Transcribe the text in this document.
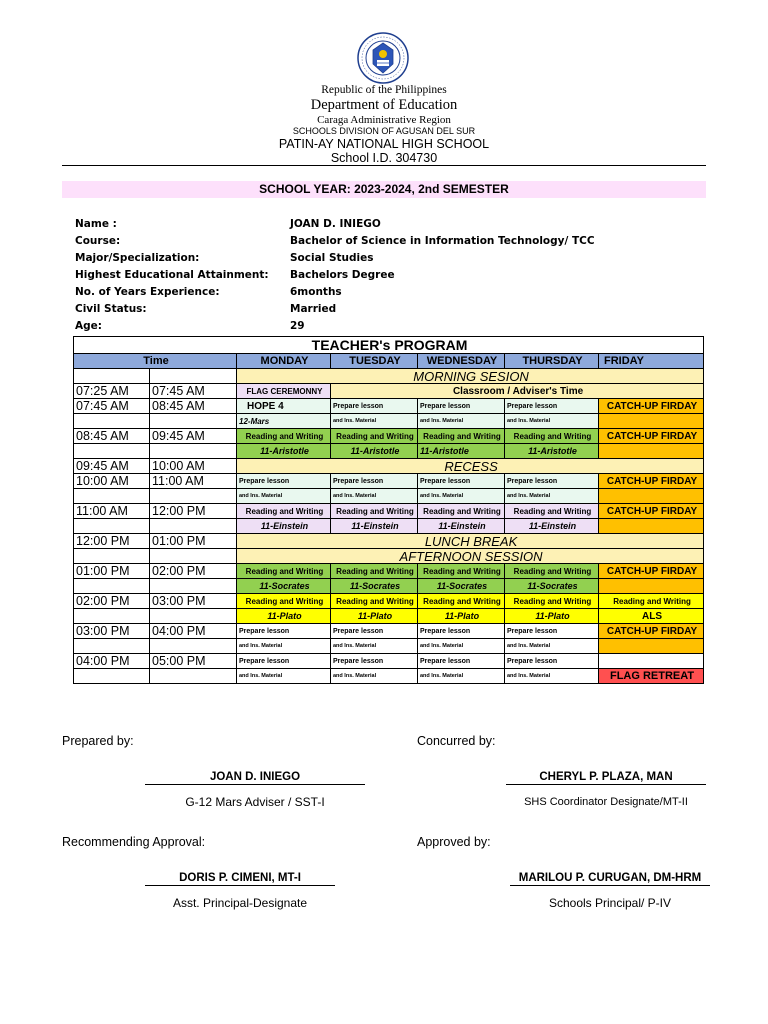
Republic of the Philippines
Department of Education
Caraga Administrative Region
SCHOOLS DIVISION OF AGUSAN DEL SUR
PATIN-AY NATIONAL HIGH SCHOOL
School I.D. 304730
SCHOOL YEAR: 2023-2024, 2nd SEMESTER
Name :	JOAN D. INIEGO
Course:	Bachelor of Science in Information Technology/ TCC
Major/Specialization:	Social Studies
Highest Educational Attainment: Bachelors Degree
No. of Years Experience:	6months
Civil Status:	Married
Age:	29
TEACHER's PROGRAM						
Time		MONDAY	TUESDAY	WEDNESDAY	THURSDAY	FRIDAY
		MORNING SESION				
07:25 AM	07:45 AM	FLAG CEREMONNY	Classroom / Adviser's Time			
07:45 AM	08:45 AM	HOPE 4	Prepare lesson	Prepare lesson	Prepare lesson	CATCH-UP FIRDAY
		12-Mars	and Ins. Material	and Ins. Material	and Ins. Material	
08:45 AM	09:45 AM	Reading and Writing	Reading and Writing	Reading and Writing	Reading and Writing	CATCH-UP FIRDAY
		11-Aristotle	11-Aristotle	11-Aristotle	11-Aristotle	
09:45 AM	10:00 AM	RECESS				
10:00 AM	11:00 AM	Prepare lesson	Prepare lesson	Prepare lesson	Prepare lesson	CATCH-UP FIRDAY
		and Ins. Material	and Ins. Material	and Ins. Material	and Ins. Material	
11:00 AM	12:00 PM	Reading and Writing	Reading and Writing	Reading and Writing	Reading and Writing	CATCH-UP FIRDAY
		11-Einstein	11-Einstein	11-Einstein	11-Einstein	
12:00 PM	01:00 PM	LUNCH BREAK				
		AFTERNOON SESSION				
01:00 PM	02:00 PM	Reading and Writing	Reading and Writing	Reading and Writing	Reading and Writing	CATCH-UP FIRDAY
		11-Socrates	11-Socrates	11-Socrates	11-Socrates	
02:00 PM	03:00 PM	Reading and Writing	Reading and Writing	Reading and Writing	Reading and Writing	Reading and Writing
		11-Plato	11-Plato	11-Plato	11-Plato	ALS
03:00 PM	04:00 PM	Prepare lesson	Prepare lesson	Prepare lesson	Prepare lesson	CATCH-UP FIRDAY
		and Ins. Material	and Ins. Material	and Ins. Material	and Ins. Material	
04:00 PM	05:00 PM	Prepare lesson	Prepare lesson	Prepare lesson	Prepare lesson	
		and Ins. Material	and Ins. Material	and Ins. Material	and Ins. Material	FLAG RETREAT
Prepared by:	Concurred by:
JOAN D. INIEGO	CHERYL P. PLAZA, MAN
G-12 Mars Adviser / SST-I	SHS Coordinator Designate/MT-II
Recommending Approval:	Approved by:
DORIS P. CIMENI, MT-I	MARILOU P. CURUGAN, DM-HRM
Asst. Principal-Designate	Schools Principal/ P-IV
